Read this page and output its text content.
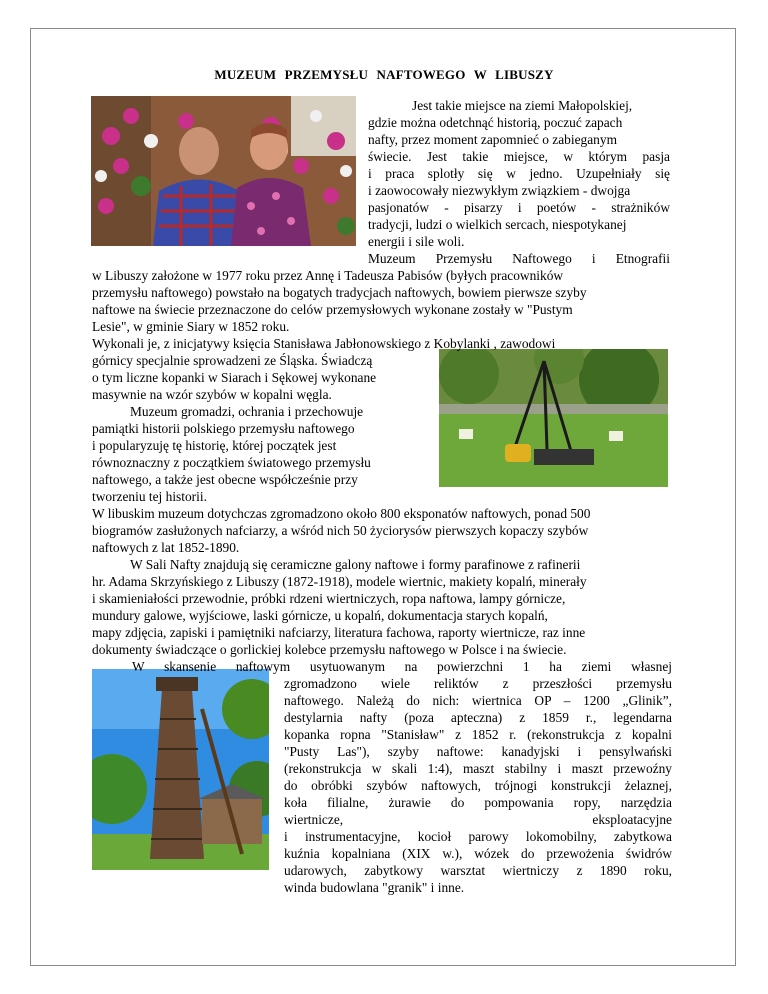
MUZEUM PRZEMYSŁU NAFTOWEGO W LIBUSZY
Jest takie miejsce na ziemi Małopolskiej,
gdzie można odetchnąć historią, poczuć zapach
nafty, przez moment zapomnieć o zabieganym
świecie. Jest takie miejsce, w którym pasja
i praca splotły się w jedno. Uzupełniały się
i zaowocowały niezwykłym związkiem - dwojga
pasjonatów - pisarzy i poetów - strażników
tradycji, ludzi o wielkich sercach, niespotykanej
energii i sile woli.
Muzeum Przemysłu Naftowego i Etnografii
w Libuszy założone w 1977 roku przez Annę i Tadeusza Pabisów (byłych pracowników
przemysłu naftowego) powstało na bogatych tradycjach naftowych, bowiem pierwsze szyby
naftowe na świecie przeznaczone do celów przemysłowych wykonane zostały w "Pustym
Lesie", w gminie Siary w 1852 roku.
Wykonali je, z inicjatywy księcia Stanisława Jabłonowskiego z Kobylanki , zawodowi
górnicy specjalnie sprowadzeni ze Śląska. Świadczą
o tym liczne kopanki w Siarach i Sękowej wykonane
masywnie na wzór szybów w kopalni węgla.
Muzeum gromadzi, ochrania i przechowuje
pamiątki historii polskiego przemysłu naftowego
i popularyzuję tę historię, której początek jest
równoznaczny z początkiem światowego przemysłu
naftowego, a także jest obecne współcześnie przy
tworzeniu tej historii.
W libuskim muzeum dotychczas zgromadzono około 800 eksponatów naftowych, ponad 500
biogramów zasłużonych nafciarzy, a wśród nich 50 życiorysów pierwszych kopaczy szybów
naftowych z lat 1852-1890.
W Sali Nafty znajdują się ceramiczne galony naftowe i formy parafinowe z rafinerii
hr. Adama Skrzyńskiego z Libuszy (1872-1918), modele wiertnic, makiety kopalń, minerały
i skamieniałości przewodnie, próbki rdzeni wiertniczych, ropa naftowa, lampy górnicze,
mundury galowe, wyjściowe, laski górnicze, u kopalń, dokumentacja starych kopalń,
mapy zdjęcia, zapiski i pamiętniki nafciarzy, literatura fachowa, raporty wiertnicze, raz inne
dokumenty świadczące o gorlickiej kolebce przemysłu naftowego w Polsce i na świecie.
W skansenie naftowym usytuowanym na powierzchni 1 ha ziemi własnej
zgromadzono wiele reliktów z przeszłości przemysłu
naftowego. Należą do nich: wiertnica OP – 1200 „Glinik”,
destylarnia nafty (poza apteczna) z 1859 r., legendarna
kopanka ropna "Stanisław" z 1852 r. (rekonstrukcja z kopalni
"Pusty Las"), szyby naftowe: kanadyjski i pensylwański
(rekonstrukcja w skali 1:4), maszt stabilny i maszt przewoźny
do obróbki szybów naftowych, trójnogi konstrukcji żelaznej,
koła filialne, żurawie do pompowania ropy, narzędzia
wiertnicze, eksploatacyjne
i instrumentacyjne, kocioł parowy lokomobilny, zabytkowa
kuźnia kopalniana (XIX w.), wózek do przewożenia świdrów
udarowych, zabytkowy warsztat wiertniczy z 1890 roku,
winda budowlana "granik" i inne.
